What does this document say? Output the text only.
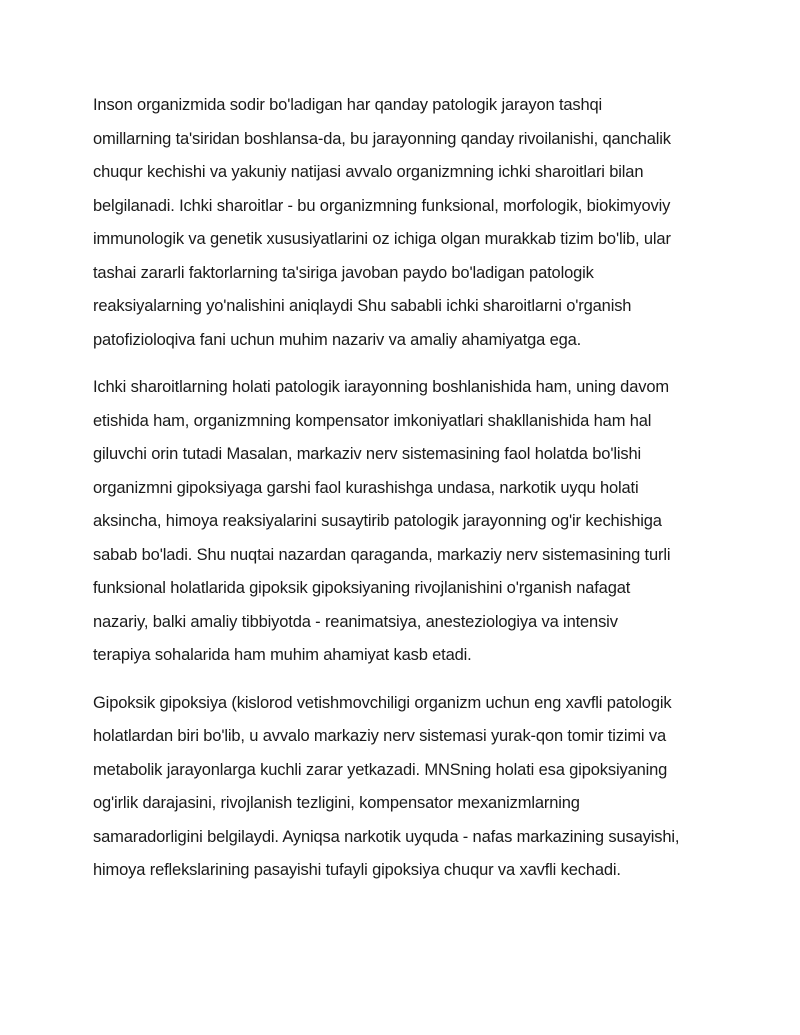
Inson organizmida sodir bo'ladigan har qanday patologik jarayon tashqi
omillarning ta'siridan boshlansa-da, bu jarayonning qanday rivoilanishi, qanchalik
chuqur kechishi va yakuniy natijasi avvalo organizmning ichki sharoitlari bilan
belgilanadi. Ichki sharoitlar - bu organizmning funksional, morfologik, biokimyoviy
immunologik va genetik xususiyatlarini oz ichiga olgan murakkab tizim bo'lib, ular
tashai zararli faktorlarning ta'siriga javoban paydo bo'ladigan patologik
reaksiyalarning yo'nalishini aniqlaydi Shu sababli ichki sharoitlarni o'rganish
patofizioloqiva fani uchun muhim nazariv va amaliy ahamiyatga ega.
Ichki sharoitlarning holati patologik iarayonning boshlanishida ham, uning davom
etishida ham, organizmning kompensator imkoniyatlari shakllanishida ham hal
giluvchi orin tutadi Masalan, markaziv nerv sistemasining faol holatda bo'lishi
organizmni gipoksiyaga garshi faol kurashishga undasa, narkotik uyqu holati
aksincha, himoya reaksiyalarini susaytirib patologik jarayonning og'ir kechishiga
sabab bo'ladi. Shu nuqtai nazardan qaraganda, markaziy nerv sistemasining turli
funksional holatlarida gipoksik gipoksiyaning rivojlanishini o'rganish nafagat
nazariy, balki amaliy tibbiyotda - reanimatsiya, anesteziologiya va intensiv
terapiya sohalarida ham muhim ahamiyat kasb etadi.
Gipoksik gipoksiya (kislorod vetishmovchiligi organizm uchun eng xavfli patologik
holatlardan biri bo'lib, u avvalo markaziy nerv sistemasi yurak-qon tomir tizimi va
metabolik jarayonlarga kuchli zarar yetkazadi. MNSning holati esa gipoksiyaning
og'irlik darajasini, rivojlanish tezligini, kompensator mexanizmlarning
samaradorligini belgilaydi. Ayniqsa narkotik uyquda - nafas markazining susayishi,
himoya reflekslarining pasayishi tufayli gipoksiya chuqur va xavfli kechadi.
